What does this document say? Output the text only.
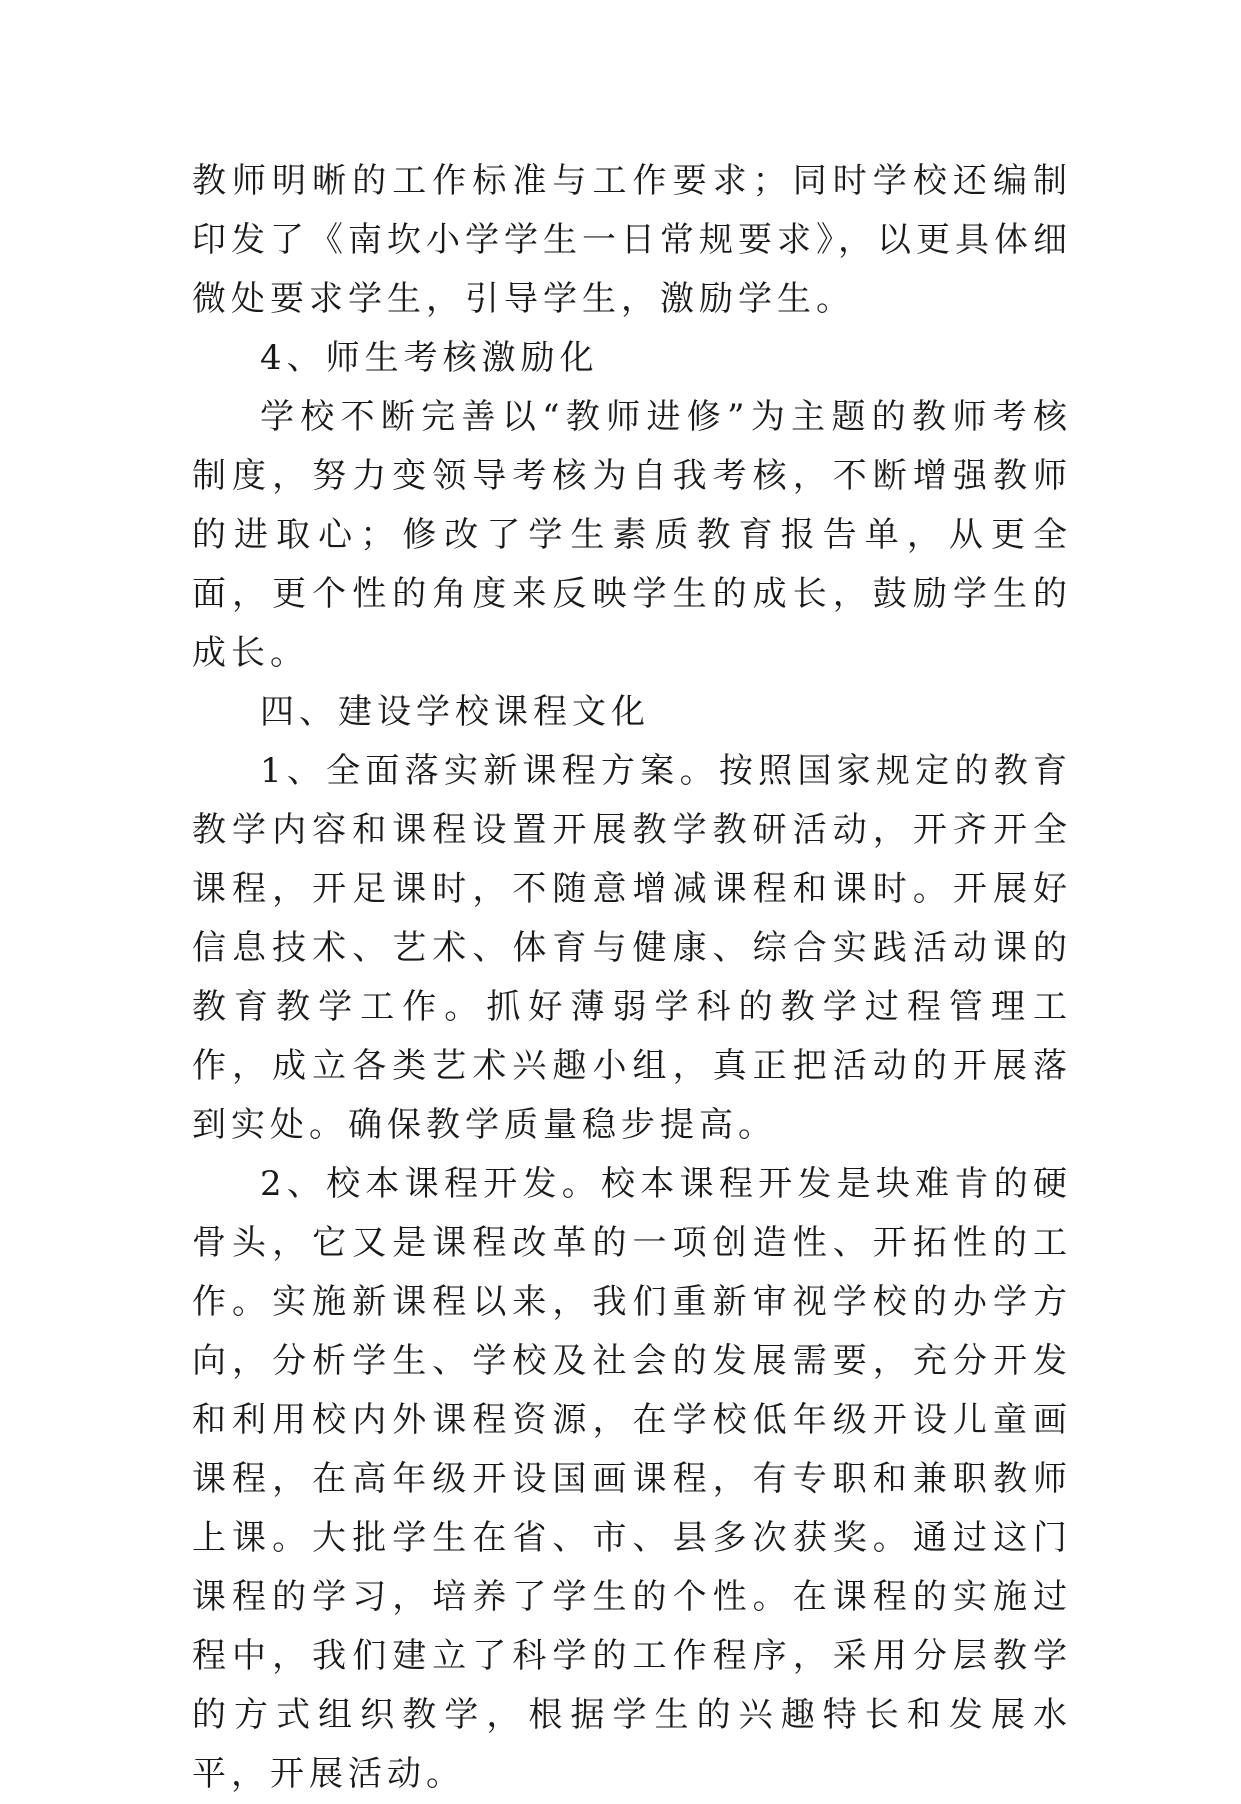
教师明晰的工作标准与工作要求；同时学校还编制印发了《南坎小学学生一日常规要求》，以更具体细微处要求学生，引导学生，激励学生。

4、师生考核激励化

学校不断完善以“教师进修”为主题的教师考核制度，努力变领导考核为自我考核，不断增强教师的进取心；修改了学生素质教育报告单，从更全面，更个性的角度来反映学生的成长，鼓励学生的成长。

四、建设学校课程文化

1、全面落实新课程方案。按照国家规定的教育教学内容和课程设置开展教学教研活动，开齐开全课程，开足课时，不随意增减课程和课时。开展好信息技术、艺术、体育与健康、综合实践活动课的教育教学工作。抓好薄弱学科的教学过程管理工作，成立各类艺术兴趣小组，真正把活动的开展落到实处。确保教学质量稳步提高。

2、校本课程开发。校本课程开发是块难肯的硬骨头，它又是课程改革的一项创造性、开拓性的工作。实施新课程以来，我们重新审视学校的办学方向，分析学生、学校及社会的发展需要，充分开发和利用校内外课程资源，在学校低年级开设儿童画课程，在高年级开设国画课程，有专职和兼职教师上课。大批学生在省、市、县多次获奖。通过这门课程的学习，培养了学生的个性。在课程的实施过程中，我们建立了科学的工作程序，采用分层教学的方式组织教学，根据学生的兴趣特长和发展水平，开展活动。
